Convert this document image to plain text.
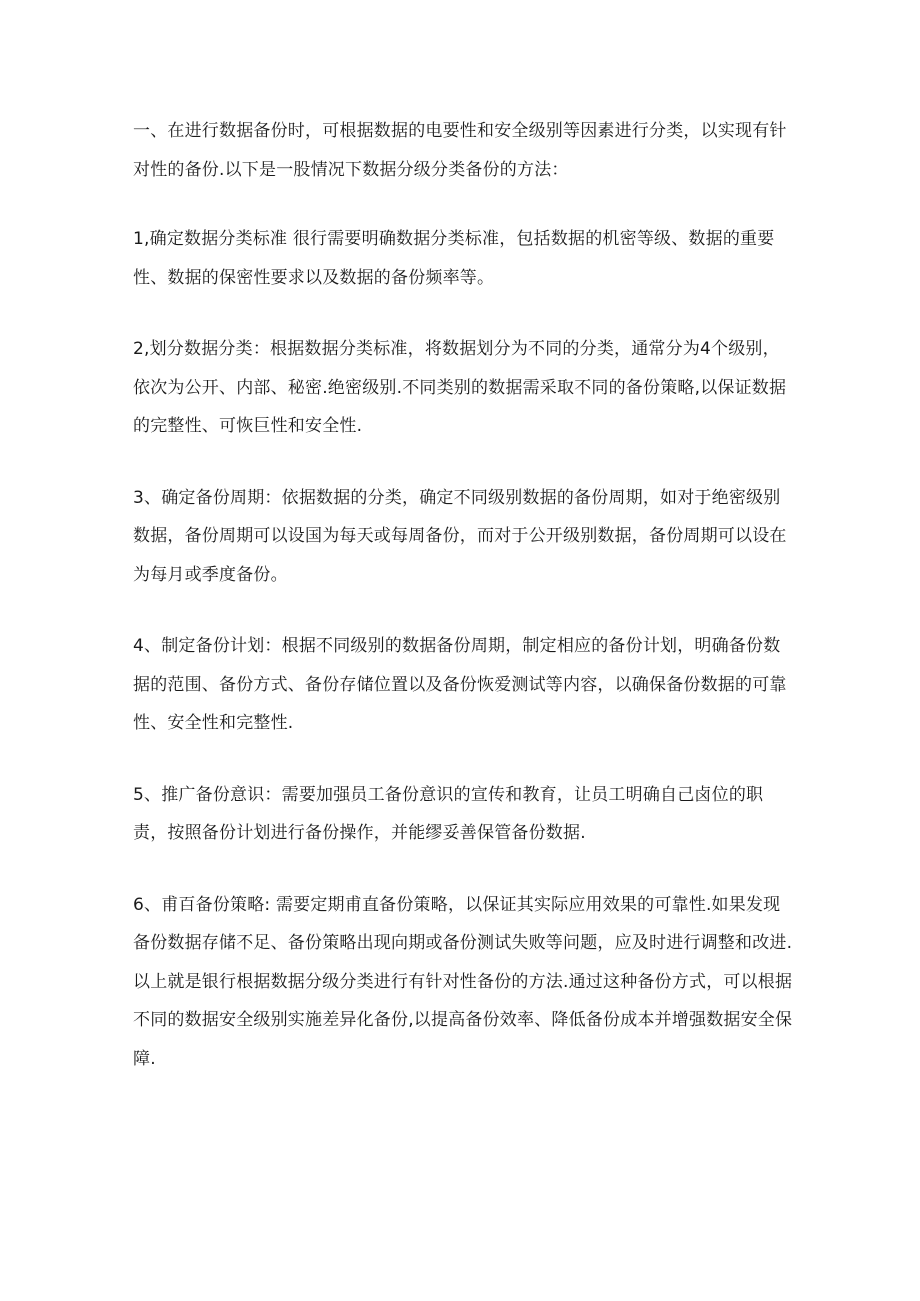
一、在进行数据备份时，可根据数据的电要性和安全级别等因素进行分类，以实现有针对性的备份.以下是一股情况下数据分级分类备份的方法：

1,确定数据分类标准 很行需要明确数据分类标准，包括数据的机密等级、数据的重要性、数据的保密性要求以及数据的备份频率等。

2,划分数据分类：根据数据分类标准，将数据划分为不同的分类，通常分为4个级别，依次为公开、内部、秘密.绝密级别.不同类别的数据需采取不同的备份策略,以保证数据的完整性、可恢巨性和安全性.

3、确定备份周期：依据数据的分类，确定不同级别数据的备份周期，如对于绝密级别数据，备份周期可以设国为每天或每周备份，而对于公开级别数据，备份周期可以设在为每月或季度备份。

4、制定备份计划：根据不同级别的数据备份周期，制定相应的备份计划，明确备份数据的范围、备份方式、备份存储位置以及备份恢爱测试等内容，以确保备份数据的可靠性、安全性和完整性.

5、推广备份意识：需要加强员工备份意识的宣传和教育，让员工明确自己卤位的职责，按照备份计划进行备份操作，并能缪妥善保管备份数据.

6、甫百备份策略: 需要定期甫直备份策略，以保证其实际应用效果的可靠性.如果发现备份数据存储不足、备份策略出现向期或备份测试失败等问题，应及时进行调整和改进.以上就是银行根据数据分级分类进行有针对性备份的方法.通过这种备份方式，可以根据不同的数据安全级别实施差异化备份,以提高备份效率、降低备份成本并增强数据安全保障.
